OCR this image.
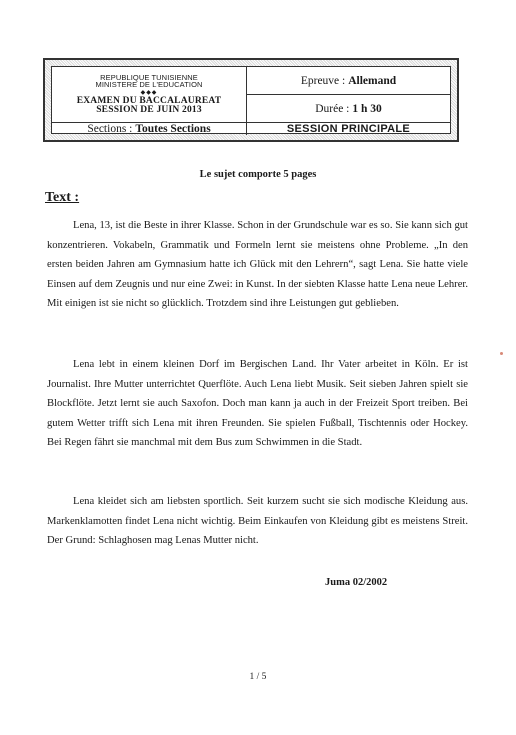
REPUBLIQUE TUNISIENNE
MINISTERE DE L'EDUCATION
◆◆◆
EXAMEN DU BACCALAUREAT
SESSION DE JUIN 2013
Epreuve : Allemand
Durée : 1 h 30
Sections : Toutes Sections	SESSION PRINCIPALE
Le sujet comporte 5 pages
Text :

Lena, 13, ist die Beste in ihrer Klasse. Schon in der Grundschule war es so. Sie kann sich gut konzentrieren. Vokabeln, Grammatik und Formeln lernt sie meistens ohne Probleme. „In den ersten beiden Jahren am Gymnasium hatte ich Glück mit den Lehrern“, sagt Lena. Sie hatte viele Einsen auf dem Zeugnis und nur eine Zwei: in Kunst. In der siebten Klasse hatte Lena neue Lehrer. Mit einigen ist sie nicht so glücklich. Trotzdem sind ihre Leistungen gut geblieben.

Lena lebt in einem kleinen Dorf im Bergischen Land. Ihr Vater arbeitet in Köln. Er ist Journalist. Ihre Mutter unterrichtet Querflöte. Auch Lena liebt Musik. Seit sieben Jahren spielt sie Blockflöte. Jetzt lernt sie auch Saxofon. Doch man kann ja auch in der Freizeit Sport treiben. Bei gutem Wetter trifft sich Lena mit ihren Freunden. Sie spielen Fußball, Tischtennis oder Hockey. Bei Regen fährt sie manchmal mit dem Bus zum Schwimmen in die Stadt.

Lena kleidet sich am liebsten sportlich. Seit kurzem sucht sie sich modische Kleidung aus. Markenklamotten findet Lena nicht wichtig. Beim Einkaufen von Kleidung gibt es meistens Streit. Der Grund: Schlaghosen mag Lenas Mutter nicht.

Juma 02/2002
1 / 5
